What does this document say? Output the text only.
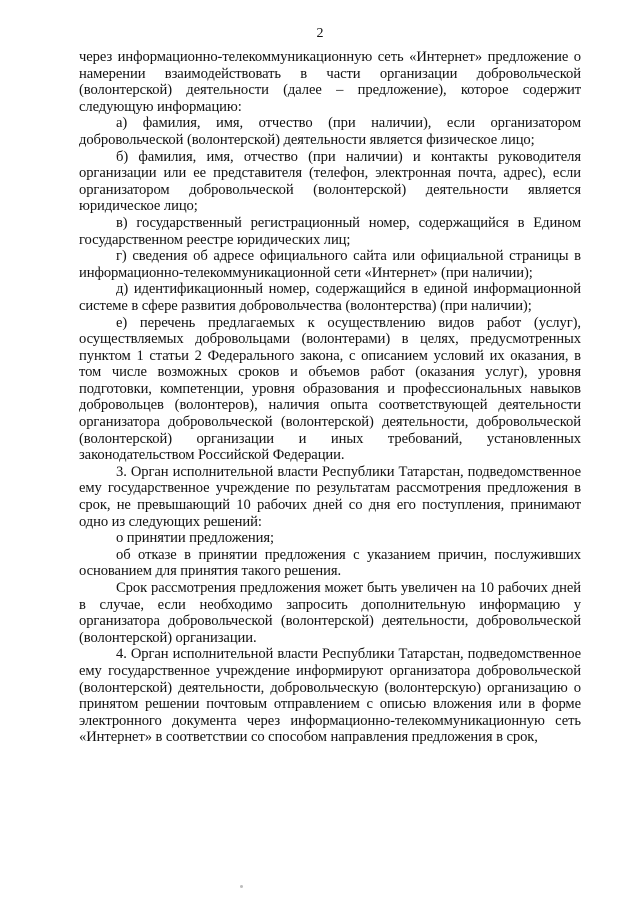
2

через информационно-телекоммуникационную сеть «Интернет» предложение о намерении взаимодействовать в части организации добровольческой (волонтерской) деятельности (далее – предложение), которое содержит следующую информацию:

а) фамилия, имя, отчество (при наличии), если организатором добровольческой (волонтерской) деятельности является физическое лицо;

б) фамилия, имя, отчество (при наличии) и контакты руководителя организации или ее представителя (телефон, электронная почта, адрес), если организатором добровольческой (волонтерской) деятельности является юридическое лицо;

в) государственный регистрационный номер, содержащийся в Едином государственном реестре юридических лиц;

г) сведения об адресе официального сайта или официальной страницы в информационно-телекоммуникационной сети «Интернет» (при наличии);

д) идентификационный номер, содержащийся в единой информационной системе в сфере развития добровольчества (волонтерства) (при наличии);

е) перечень предлагаемых к осуществлению видов работ (услуг), осуществляемых добровольцами (волонтерами) в целях, предусмотренных пунктом 1 статьи 2 Федерального закона, с описанием условий их оказания, в том числе возможных сроков и объемов работ (оказания услуг), уровня подготовки, компетенции, уровня образования и профессиональных навыков добровольцев (волонтеров), наличия опыта соответствующей деятельности организатора добровольческой (волонтерской) деятельности, добровольческой (волонтерской) организации и иных требований, установленных законодательством Российской Федерации.

3. Орган исполнительной власти Республики Татарстан, подведомственное ему государственное учреждение по результатам рассмотрения предложения в срок, не превышающий 10 рабочих дней со дня его поступления, принимают одно из следующих решений:

о принятии предложения;

об отказе в принятии предложения с указанием причин, послуживших основанием для принятия такого решения.

Срок рассмотрения предложения может быть увеличен на 10 рабочих дней в случае, если необходимо запросить дополнительную информацию у организатора добровольческой (волонтерской) деятельности, добровольческой (волонтерской) организации.

4. Орган исполнительной власти Республики Татарстан, подведомственное ему государственное учреждение информируют организатора добровольческой (волонтерской) деятельности, добровольческую (волонтерскую) организацию о принятом решении почтовым отправлением с описью вложения или в форме электронного документа через информационно-телекоммуникационную сеть «Интернет» в соответствии со способом направления предложения в срок,
